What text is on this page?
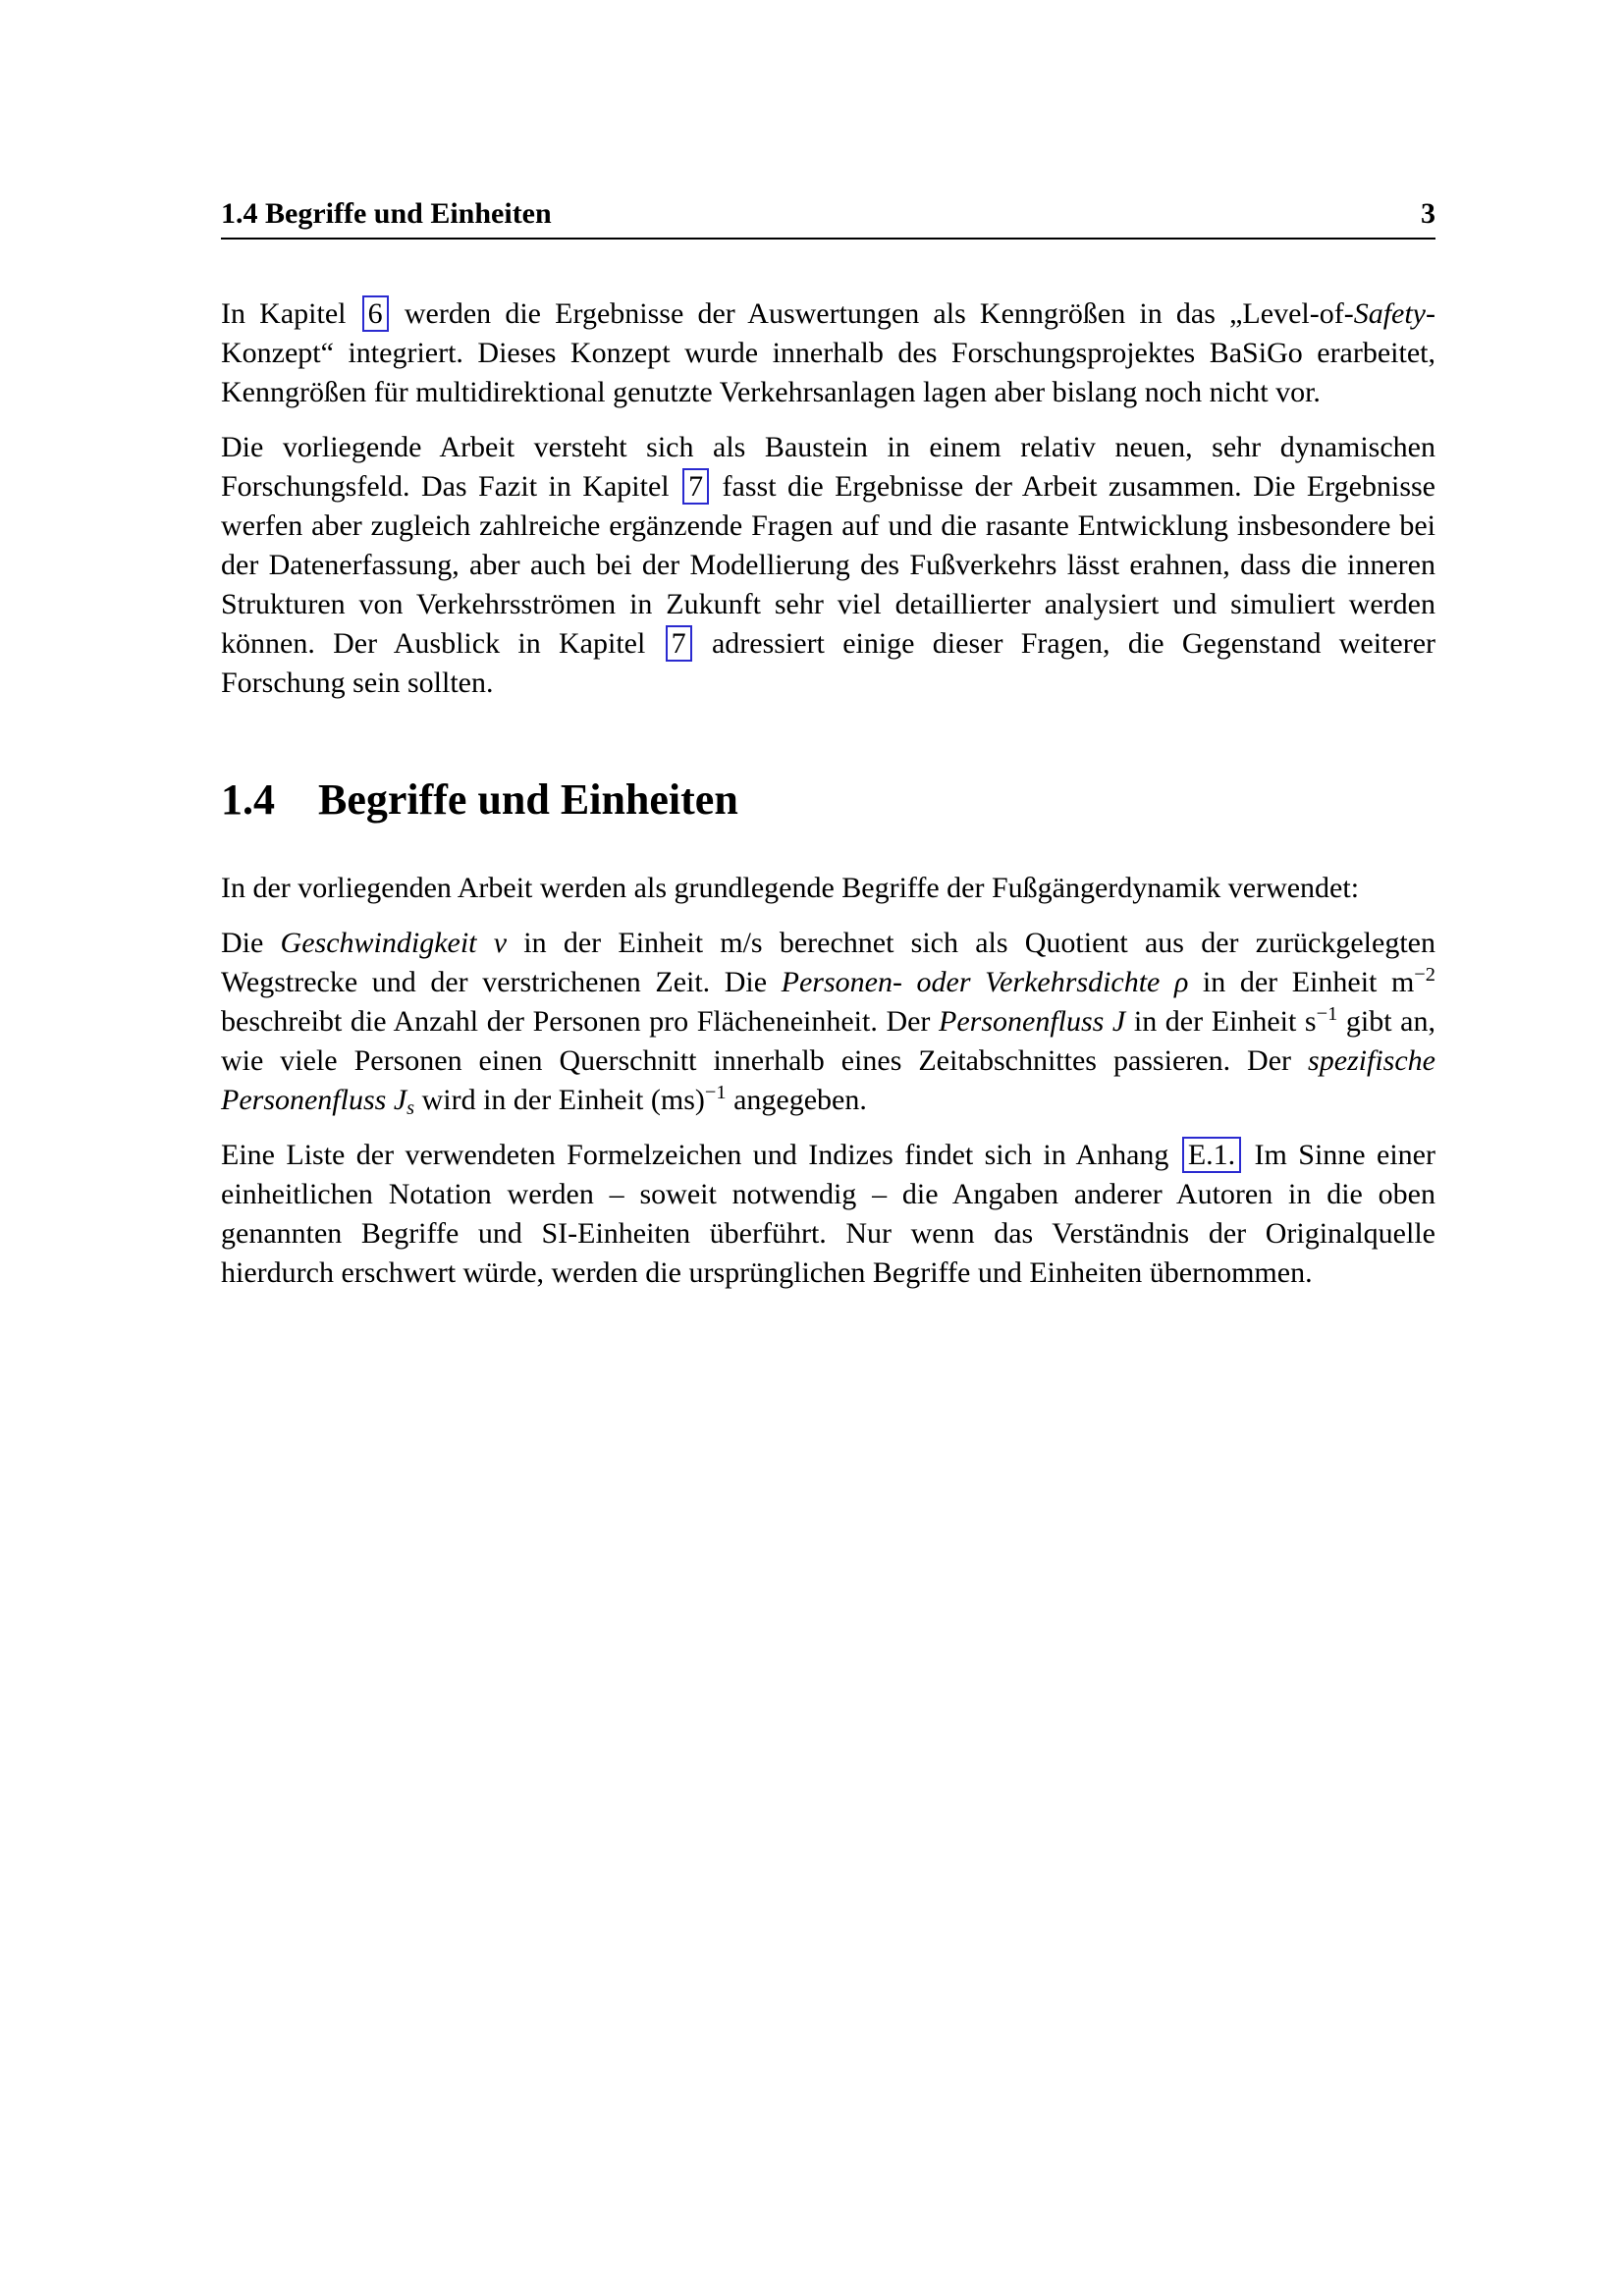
1.4 Begriffe und Einheiten	3

In Kapitel 6 werden die Ergebnisse der Auswertungen als Kenngrößen in das „Level-of-Safety-Konzept“ integriert. Dieses Konzept wurde innerhalb des Forschungsprojektes BaSiGo erarbeitet, Kenngrößen für multidirektional genutzte Verkehrsanlagen lagen aber bislang noch nicht vor.

Die vorliegende Arbeit versteht sich als Baustein in einem relativ neuen, sehr dynamischen Forschungsfeld. Das Fazit in Kapitel 7 fasst die Ergebnisse der Arbeit zusammen. Die Ergebnisse werfen aber zugleich zahlreiche ergänzende Fragen auf und die rasante Entwicklung insbesondere bei der Datenerfassung, aber auch bei der Modellierung des Fußverkehrs lässt erahnen, dass die inneren Strukturen von Verkehrsströmen in Zukunft sehr viel detaillierter analysiert und simuliert werden können. Der Ausblick in Kapitel 7 adressiert einige dieser Fragen, die Gegenstand weiterer Forschung sein sollten.

1.4 Begriffe und Einheiten

In der vorliegenden Arbeit werden als grundlegende Begriffe der Fußgängerdynamik verwendet:

Die Geschwindigkeit v in der Einheit m/s berechnet sich als Quotient aus der zurückgelegten Wegstrecke und der verstrichenen Zeit. Die Personen- oder Verkehrsdichte ρ in der Einheit $m^{-2}$ beschreibt die Anzahl der Personen pro Flächeneinheit. Der Personenfluss J in der Einheit $s^{-1}$ gibt an, wie viele Personen einen Querschnitt innerhalb eines Zeitabschnittes passieren. Der spezifische Personenfluss Js wird in der Einheit (ms)$^{-1}$ angegeben.

Eine Liste der verwendeten Formelzeichen und Indizes findet sich in Anhang E.1. Im Sinne einer einheitlichen Notation werden – soweit notwendig – die Angaben anderer Autoren in die oben genannten Begriffe und SI-Einheiten überführt. Nur wenn das Verständnis der Originalquelle hierdurch erschwert würde, werden die ursprünglichen Begriffe und Einheiten übernommen.
